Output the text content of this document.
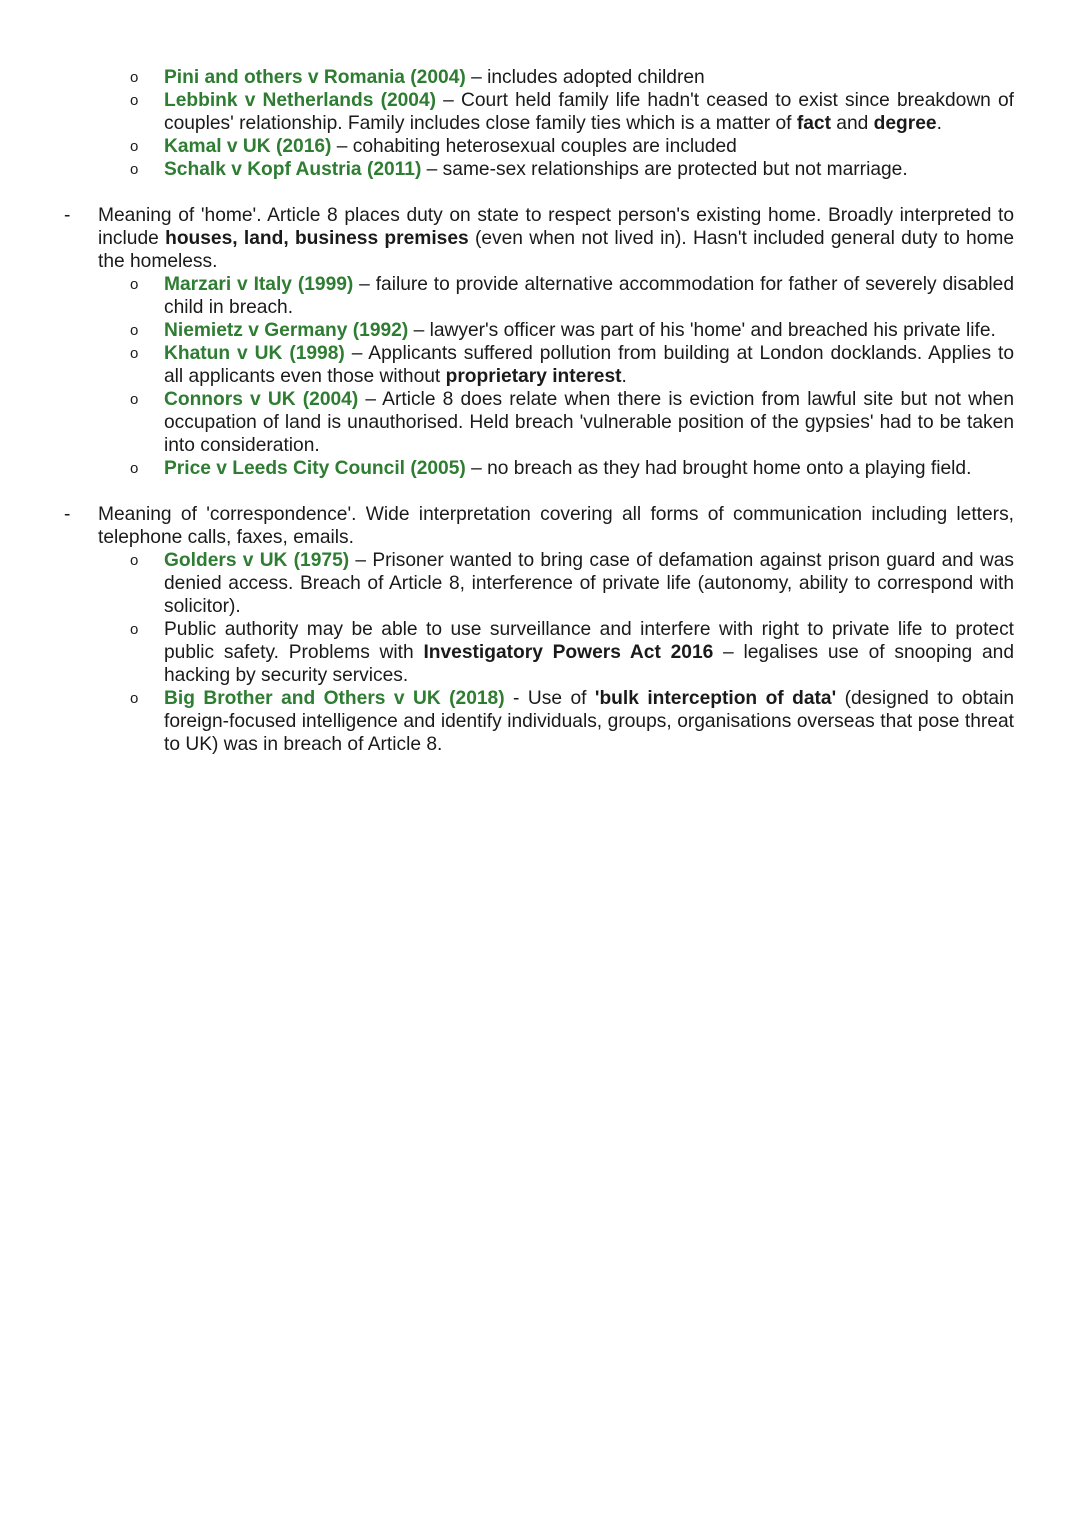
o Pini and others v Romania (2004) – includes adopted children
o Lebbink v Netherlands (2004) – Court held family life hadn't ceased to exist since breakdown of couples' relationship. Family includes close family ties which is a matter of fact and degree.
o Kamal v UK (2016) – cohabiting heterosexual couples are included
o Schalk v Kopf Austria (2011) – same-sex relationships are protected but not marriage.
- Meaning of 'home'. Article 8 places duty on state to respect person's existing home. Broadly interpreted to include houses, land, business premises (even when not lived in). Hasn't included general duty to home the homeless.
o Marzari v Italy (1999) – failure to provide alternative accommodation for father of severely disabled child in breach.
o Niemietz v Germany (1992) – lawyer's officer was part of his 'home' and breached his private life.
o Khatun v UK (1998) – Applicants suffered pollution from building at London docklands. Applies to all applicants even those without proprietary interest.
o Connors v UK (2004) – Article 8 does relate when there is eviction from lawful site but not when occupation of land is unauthorised. Held breach 'vulnerable position of the gypsies' had to be taken into consideration.
o Price v Leeds City Council (2005) – no breach as they had brought home onto a playing field.
- Meaning of 'correspondence'. Wide interpretation covering all forms of communication including letters, telephone calls, faxes, emails.
o Golders v UK (1975) – Prisoner wanted to bring case of defamation against prison guard and was denied access. Breach of Article 8, interference of private life (autonomy, ability to correspond with solicitor).
o Public authority may be able to use surveillance and interfere with right to private life to protect public safety. Problems with Investigatory Powers Act 2016 – legalises use of snooping and hacking by security services.
o Big Brother and Others v UK (2018) - Use of 'bulk interception of data' (designed to obtain foreign-focused intelligence and identify individuals, groups, organisations overseas that pose threat to UK) was in breach of Article 8.
